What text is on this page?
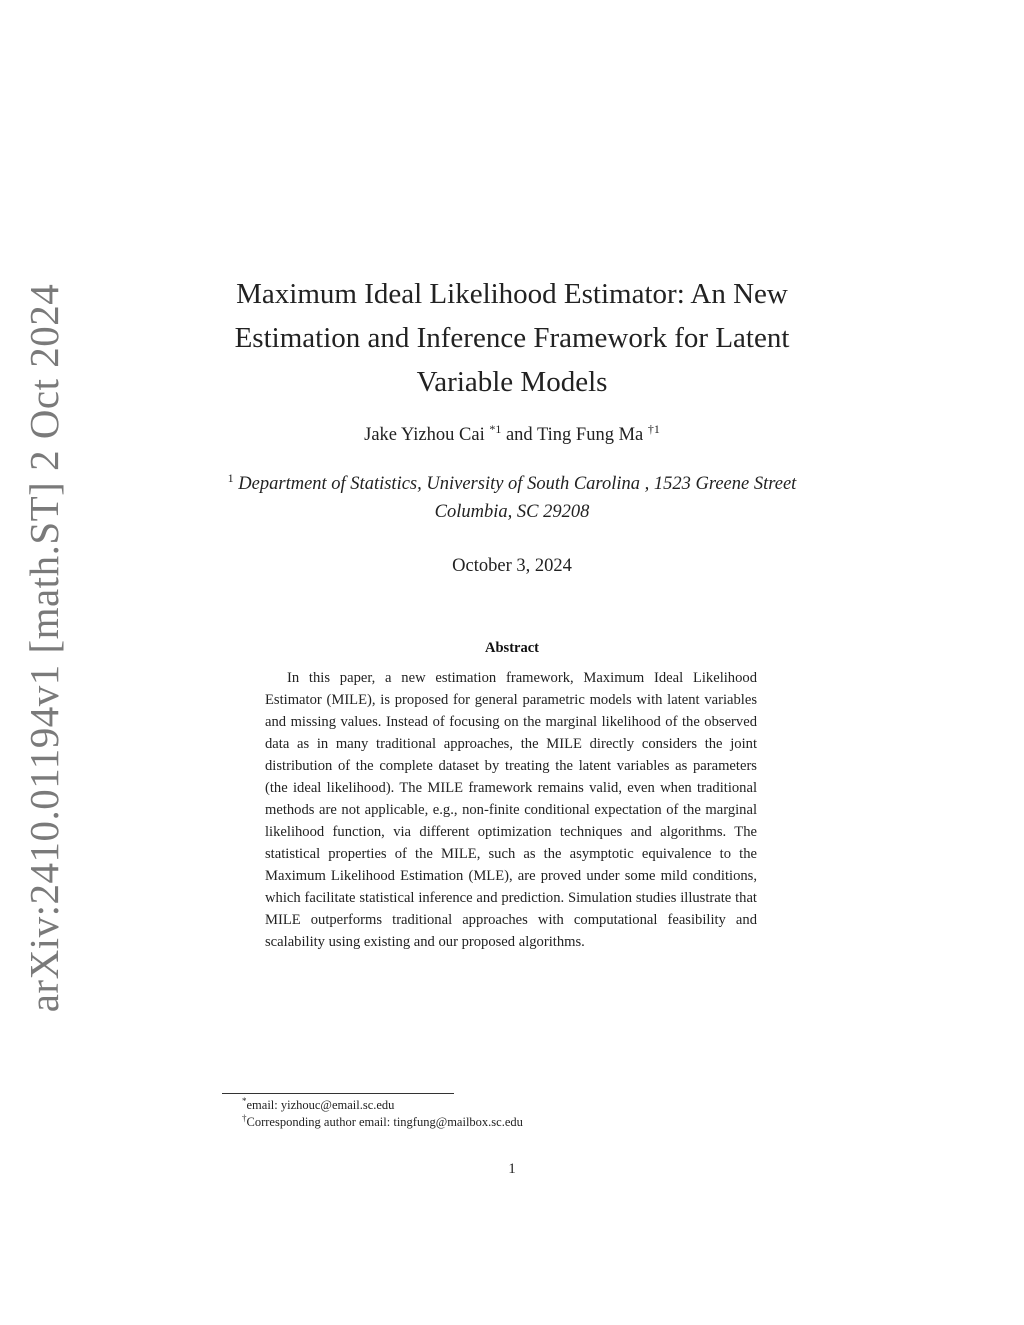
arXiv:2410.01194v1 [math.ST] 2 Oct 2024	Maximum Ideal Likelihood Estimator: An New Estimation and Inference Framework for Latent Variable Models
Jake Yizhou Cai $^{*1}$ and Ting Fung Ma $^{\dagger 1}$
$^1$ Department of Statistics, University of South Carolina , 1523 Greene Street Columbia, SC 29208
October 3, 2024
Abstract
In this paper, a new estimation framework, Maximum Ideal Likelihood Estimator (MILE), is proposed for general parametric models with latent variables and missing values. Instead of focusing on the marginal likelihood of the observed data as in many traditional approaches, the MILE directly considers the joint distribution of the complete dataset by treating the latent variables as parameters (the ideal likelihood). The MILE framework remains valid, even when traditional methods are not applicable, e.g., non-finite conditional expectation of the marginal likelihood function, via different optimization techniques and algorithms. The statistical properties of the MILE, such as the asymptotic equivalence to the Maximum Likelihood Estimation (MLE), are proved under some mild conditions, which facilitate statistical inference and prediction. Simulation studies illustrate that MILE outperforms traditional approaches with computational feasibility and scalability using existing and our proposed algorithms.
*email: yizhouc@email.sc.edu
†Corresponding author email: tingfung@mailbox.sc.edu
1
